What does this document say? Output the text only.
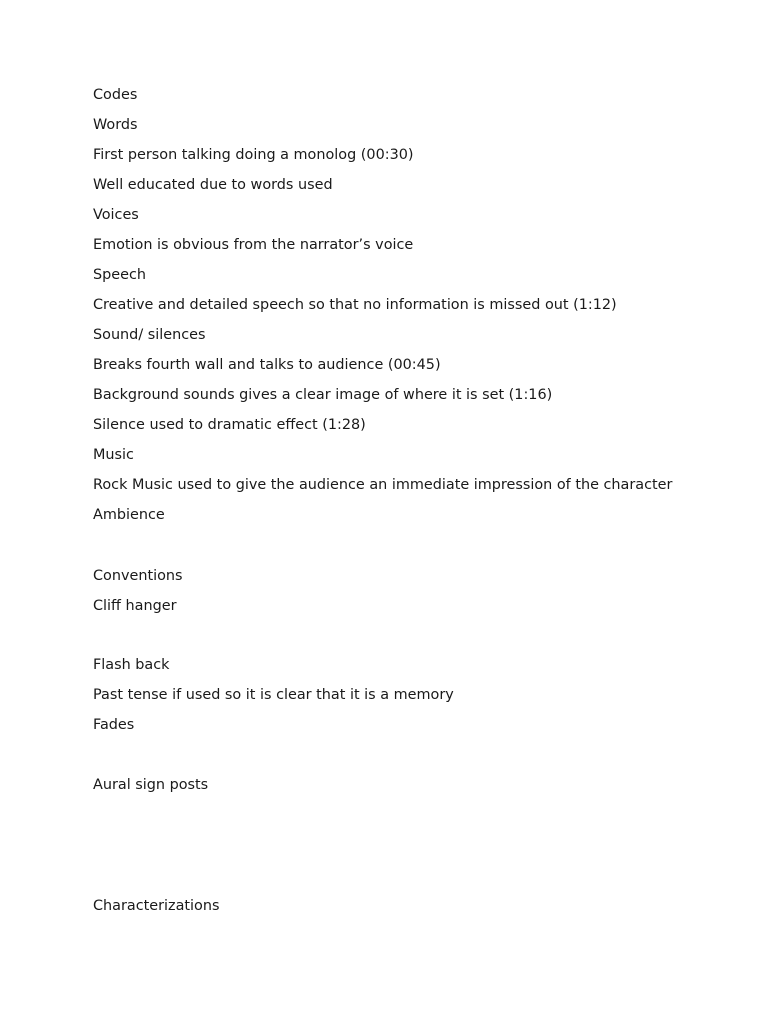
Codes

Words

First person talking doing a monolog (00:30)

Well educated due to words used

Voices

Emotion is obvious from the narrator’s voice

Speech

Creative and detailed speech so that no information is missed out (1:12)

Sound/ silences

Breaks fourth wall and talks to audience (00:45)

Background sounds gives a clear image of where it is set (1:16)

Silence used to dramatic effect (1:28)

Music

Rock Music used to give the audience an immediate impression of the character

Ambience

Conventions

Cliff hanger

Flash back

Past tense if used so it is clear that it is a memory

Fades

Aural sign posts

Characterizations
